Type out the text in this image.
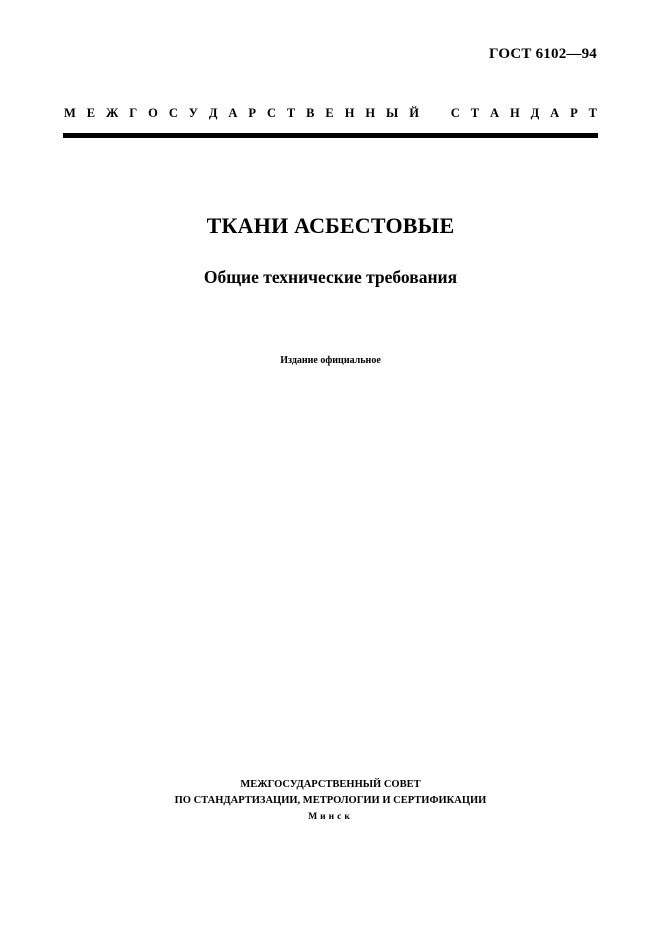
ГОСТ 6102—94
М Е Ж Г О С У Д А Р С Т В Е Н Н Ы Й	С Т А Н Д А Р Т
ТКАНИ АСБЕСТОВЫЕ
Общие технические требования
Издание официальное
МЕЖГОСУДАРСТВЕННЫЙ СОВЕТ
ПО СТАНДАРТИЗАЦИИ, МЕТРОЛОГИИ И СЕРТИФИКАЦИИ
Минск
